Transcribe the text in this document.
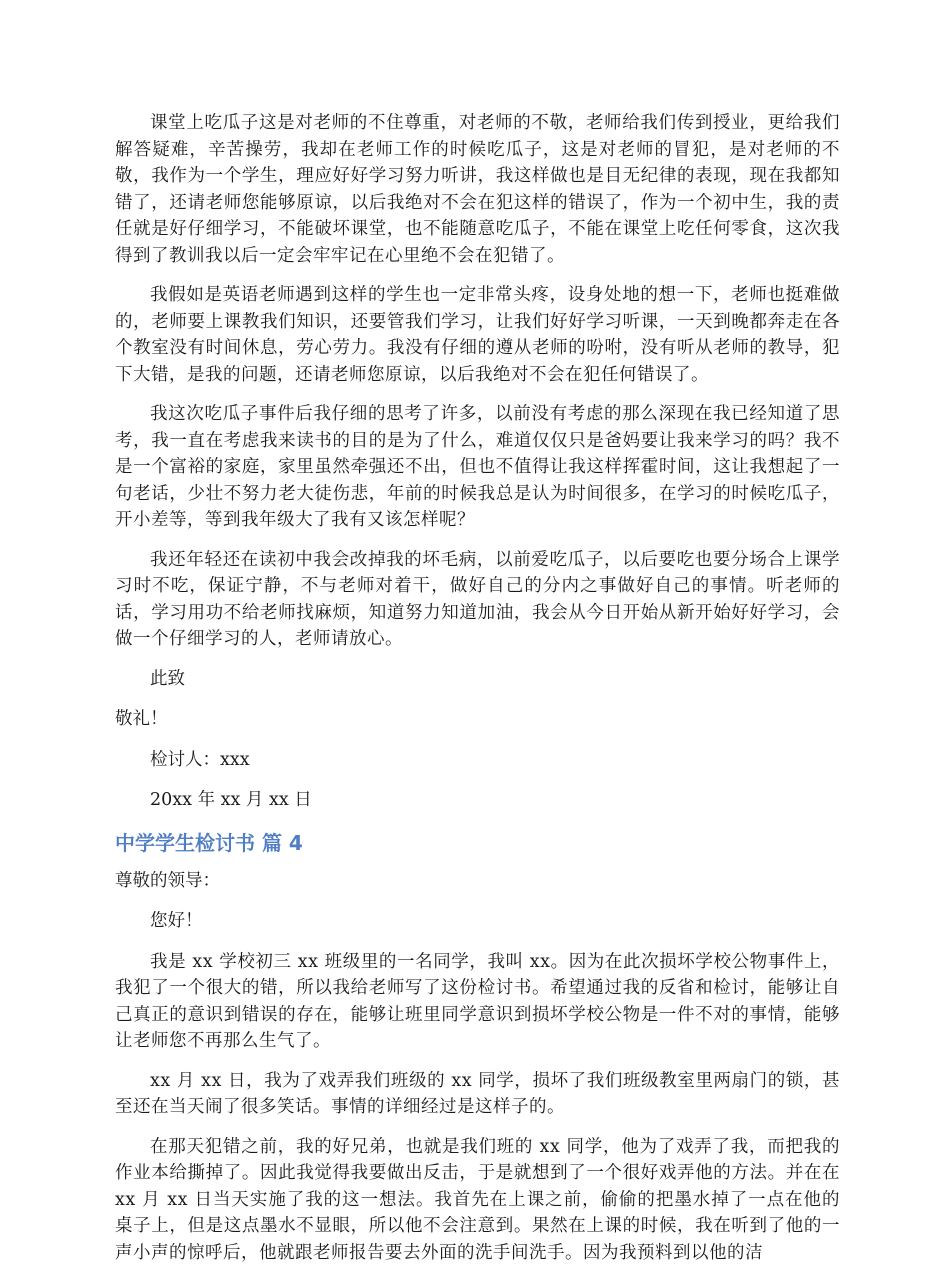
课堂上吃瓜子这是对老师的不住尊重，对老师的不敬，老师给我们传到授业，更给我们解答疑难，辛苦操劳，我却在老师工作的时候吃瓜子，这是对老师的冒犯，是对老师的不敬，我作为一个学生，理应好好学习努力听讲，我这样做也是目无纪律的表现，现在我都知错了，还请老师您能够原谅，以后我绝对不会在犯这样的错误了，作为一个初中生，我的责任就是好仔细学习，不能破坏课堂，也不能随意吃瓜子，不能在课堂上吃任何零食，这次我得到了教训我以后一定会牢牢记在心里绝不会在犯错了。

我假如是英语老师遇到这样的学生也一定非常头疼，设身处地的想一下，老师也挺难做的，老师要上课教我们知识，还要管我们学习，让我们好好学习听课，一天到晚都奔走在各个教室没有时间休息，劳心劳力。我没有仔细的遵从老师的吩咐，没有听从老师的教导，犯下大错，是我的问题，还请老师您原谅，以后我绝对不会在犯任何错误了。

我这次吃瓜子事件后我仔细的思考了许多，以前没有考虑的那么深现在我已经知道了思考，我一直在考虑我来读书的目的是为了什么，难道仅仅只是爸妈要让我来学习的吗？我不是一个富裕的家庭，家里虽然牵强还不出，但也不值得让我这样挥霍时间，这让我想起了一句老话，少壮不努力老大徒伤悲，年前的时候我总是认为时间很多，在学习的时候吃瓜子，开小差等，等到我年级大了我有又该怎样呢？

我还年轻还在读初中我会改掉我的坏毛病，以前爱吃瓜子，以后要吃也要分场合上课学习时不吃，保证宁静，不与老师对着干，做好自己的分内之事做好自己的事情。听老师的话，学习用功不给老师找麻烦，知道努力知道加油，我会从今日开始从新开始好好学习，会做一个仔细学习的人，老师请放心。

此致
敬礼！
检讨人：xxx
20xx 年 xx 月 xx 日
中学学生检讨书 篇 4
尊敬的领导：
您好！

我是 xx 学校初三 xx 班级里的一名同学，我叫 xx。因为在此次损坏学校公物事件上，我犯了一个很大的错，所以我给老师写了这份检讨书。希望通过我的反省和检讨，能够让自己真正的意识到错误的存在，能够让班里同学意识到损坏学校公物是一件不对的事情，能够让老师您不再那么生气了。

xx 月 xx 日，我为了戏弄我们班级的 xx 同学，损坏了我们班级教室里两扇门的锁，甚至还在当天闹了很多笑话。事情的详细经过是这样子的。

在那天犯错之前，我的好兄弟，也就是我们班的 xx 同学，他为了戏弄了我，而把我的作业本给撕掉了。因此我觉得我要做出反击，于是就想到了一个很好戏弄他的方法。并在在 xx 月 xx 日当天实施了我的这一想法。我首先在上课之前，偷偷的把墨水掉了一点在他的桌子上，但是这点墨水不显眼，所以他不会注意到。果然在上课的时候，我在听到了他的一声小声的惊呼后，他就跟老师报告要去外面的洗手间洗手。因为我预料到以他的洁
